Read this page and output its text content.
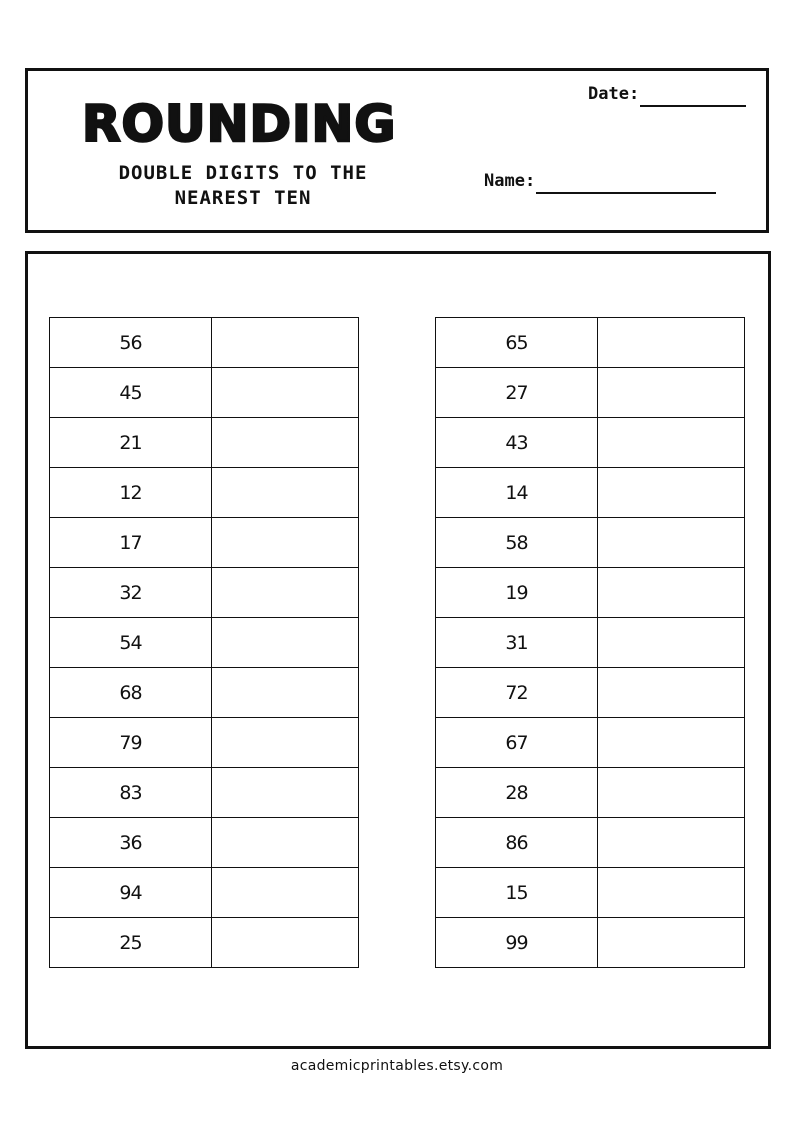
ROUNDING
DOUBLE DIGITS TO THE
NEAREST TEN
Date:
Name:
56	
45	
21	
12	
17	
32	
54	
68	
79	
83	
36	
94	
25	
65	
27	
43	
14	
58	
19	
31	
72	
67	
28	
86	
15	
99	
academicprintables.etsy.com
